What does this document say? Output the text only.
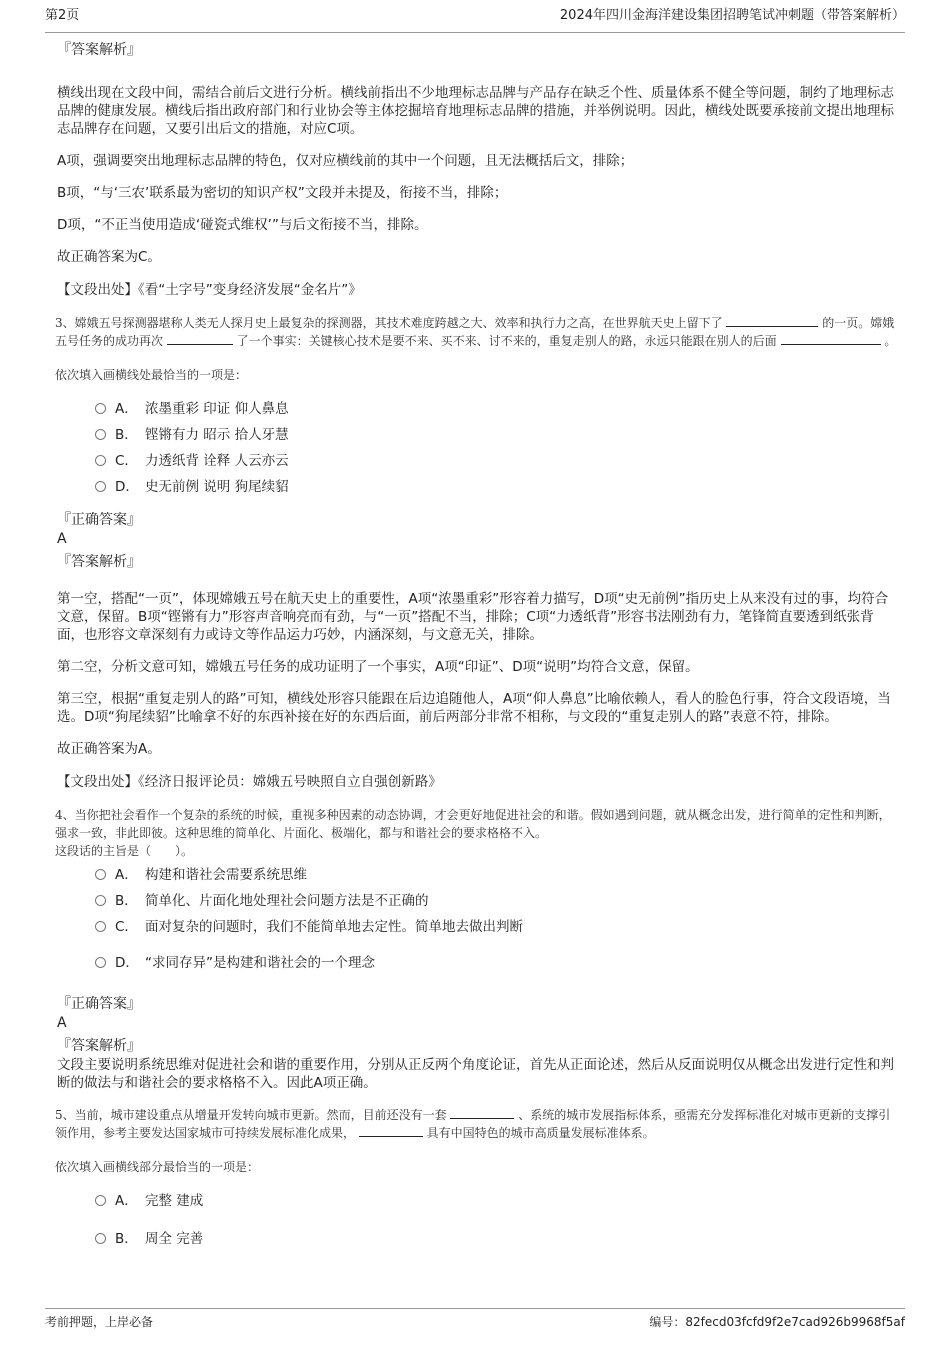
第2页	2024年四川金海洋建设集团招聘笔试冲刺题（带答案解析）
『答案解析』

横线出现在文段中间，需结合前后文进行分析。横线前指出不少地理标志品牌与产品存在缺乏个性、质量体系不健全等问题，制约了地理标志品牌的健康发展。横线后指出政府部门和行业协会等主体挖掘培育地理标志品牌的措施，并举例说明。因此，横线处既要承接前文提出地理标志品牌存在问题，又要引出后文的措施，对应C项。

A项，强调要突出地理标志品牌的特色，仅对应横线前的其中一个问题，且无法概括后文，排除；

B项，“与‘三农’联系最为密切的知识产权”文段并未提及，衔接不当，排除；

D项，“不正当使用造成‘碰瓷式维权’”与后文衔接不当，排除。

故正确答案为C。

【文段出处】《看“土字号”变身经济发展“金名片”》
3、嫦娥五号探测器堪称人类无人探月史上最复杂的探测器，其技术难度跨越之大、效率和执行力之高，在世界航天史上留下了	的一页。嫦娥五号任务的成功再次	了一个事实：关键核心技术是要不来、买不来、讨不来的，重复走别人的路，永远只能跟在别人的后面	。
依次填入画横线处最恰当的一项是：
A． 浓墨重彩 印证 仰人鼻息
B． 铿锵有力 昭示 拾人牙慧
C． 力透纸背 诠释 人云亦云
D． 史无前例 说明 狗尾续貂
『正确答案』
A
『答案解析』

第一空，搭配“一页”，体现嫦娥五号在航天史上的重要性，A项“浓墨重彩”形容着力描写，D项“史无前例”指历史上从来没有过的事，均符合文意，保留。B项“铿锵有力”形容声音响亮而有劲，与“一页”搭配不当，排除；C项“力透纸背”形容书法刚劲有力，笔锋简直要透到纸张背面，也形容文章深刻有力或诗文等作品运力巧妙，内涵深刻，与文意无关，排除。

第二空，分析文意可知，嫦娥五号任务的成功证明了一个事实，A项“印证”、D项“说明”均符合文意，保留。

第三空，根据“重复走别人的路”可知，横线处形容只能跟在后边追随他人，A项“仰人鼻息”比喻依赖人，看人的脸色行事，符合文段语境，当选。D项“狗尾续貂”比喻拿不好的东西补接在好的东西后面，前后两部分非常不相称，与文段的“重复走别人的路”表意不符，排除。

故正确答案为A。

【文段出处】《经济日报评论员：嫦娥五号映照自立自强创新路》
4、当你把社会看作一个复杂的系统的时候，重视多种因素的动态协调，才会更好地促进社会的和谐。假如遇到问题，就从概念出发，进行简单的定性和判断，强求一致，非此即彼。这种思维的简单化、片面化、极端化，都与和谐社会的要求格格不入。
这段话的主旨是（　　）。
A． 构建和谐社会需要系统思维
B． 简单化、片面化地处理社会问题方法是不正确的
C． 面对复杂的问题时，我们不能简单地去定性。简单地去做出判断
D． “求同存异”是构建和谐社会的一个理念
『正确答案』
A
『答案解析』

文段主要说明系统思维对促进社会和谐的重要作用，分别从正反两个角度论证，首先从正面论述，然后从反面说明仅从概念出发进行定性和判断的做法与和谐社会的要求格格不入。因此A项正确。

5、当前，城市建设重点从增量开发转向城市更新。然而，目前还没有一套	、系统的城市发展指标体系，亟需充分发挥标准化对城市更新的支撑引领作用，参考主要发达国家城市可持续发展标准化成果，	具有中国特色的城市高质量发展标准体系。
依次填入画横线部分最恰当的一项是：
A． 完整 建成
B． 周全 完善
考前押题，上岸必备	编号：82fecd03fcfd9f2e7cad926b9968f5af
